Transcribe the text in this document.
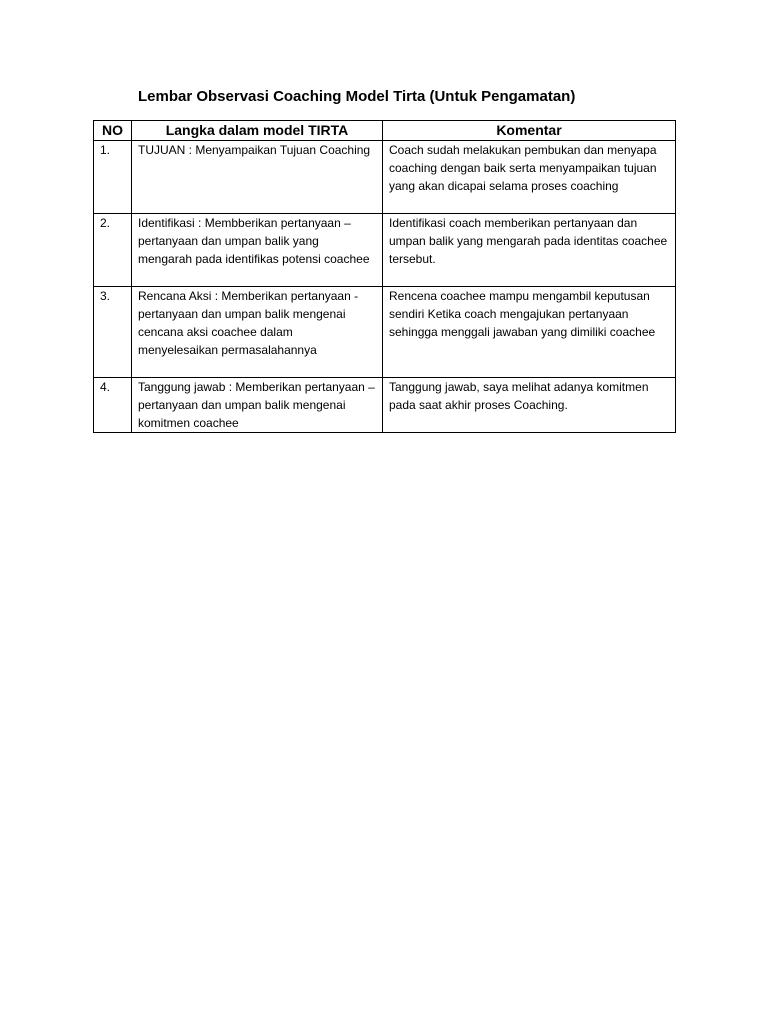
Lembar Observasi Coaching Model Tirta (Untuk Pengamatan)
NO	Langka dalam model TIRTA	Komentar
1.	TUJUAN : Menyampaikan Tujuan Coaching	Coach sudah melakukan pembukan dan menyapa coaching dengan baik serta menyampaikan tujuan yang akan dicapai selama proses coaching
2.	Identifikasi : Membberikan pertanyaan – pertanyaan dan umpan balik yang mengarah pada identifikas potensi coachee	Identifikasi coach memberikan pertanyaan dan umpan balik yang mengarah pada identitas coachee tersebut.
3.	Rencana Aksi : Memberikan pertanyaan -pertanyaan dan umpan balik mengenai cencana aksi coachee dalam menyelesaikan permasalahannya	Rencena coachee mampu mengambil keputusan sendiri Ketika coach mengajukan pertanyaan sehingga menggali jawaban yang dimiliki coachee
4.	Tanggung jawab : Memberikan pertanyaan – pertanyaan dan umpan balik mengenai komitmen coachee	Tanggung jawab, saya melihat adanya komitmen pada saat akhir proses Coaching.
